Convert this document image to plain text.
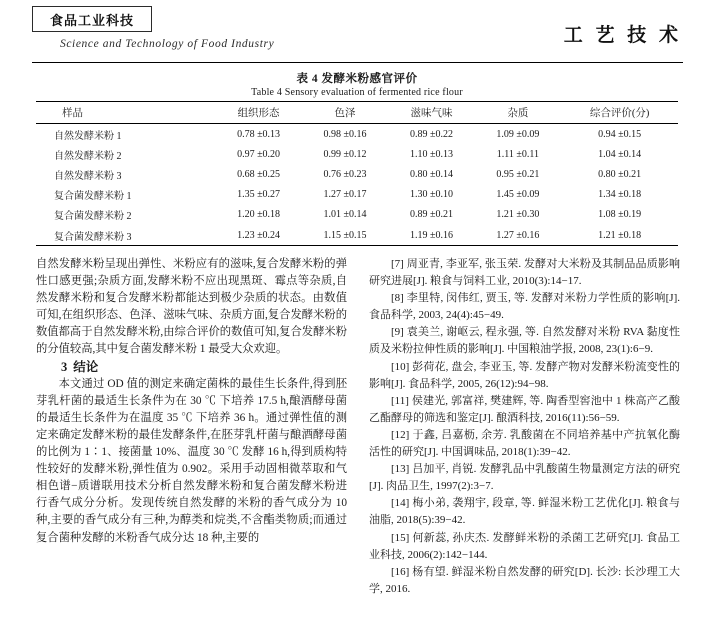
食品工业科技
Science and Technology of Food Industry	工 艺 技 术
表 4 发酵米粉感官评价
Table 4 Sensory evaluation of fermented rice flour
样品	组织形态	色泽	滋味气味	杂质	综合评价(分)
自然发酵米粉 1	0.78 ±0.13	0.98 ±0.16	0.89 ±0.22	1.09 ±0.09	0.94 ±0.15
自然发酵米粉 2	0.97 ±0.20	0.99 ±0.12	1.10 ±0.13	1.11 ±0.11	1.04 ±0.14
自然发酵米粉 3	0.68 ±0.25	0.76 ±0.23	0.80 ±0.14	0.95 ±0.21	0.80 ±0.21
复合菌发酵米粉 1	1.35 ±0.27	1.27 ±0.17	1.30 ±0.10	1.45 ±0.09	1.34 ±0.18
复合菌发酵米粉 2	1.20 ±0.18	1.01 ±0.14	0.89 ±0.21	1.21 ±0.30	1.08 ±0.19
复合菌发酵米粉 3	1.23 ±0.24	1.15 ±0.15	1.19 ±0.16	1.27 ±0.16	1.21 ±0.18

自然发酵米粉呈现出弹性、米粉应有的滋味,复合发酵米粉的弹性口感更强;杂质方面,发酵米粉不应出现黑斑、霉点等杂质,自然发酵米粉和复合发酵米粉都能达到极少杂质的状态。由数值可知,在组织形态、色泽、滋味气味、杂质方面,复合发酵米粉的数值都高于自然发酵米粉,由综合评价的数值可知,复合发酵米粉的分值较高,其中复合菌发酵米粉 1 最受大众欢迎。

3 结论

本文通过 OD 值的测定来确定菌株的最佳生长条件,得到胚芽乳杆菌的最适生长条件为在 30 ℃ 下培养 17.5 h,酿酒酵母菌的最适生长条件为在温度 35 ℃ 下培养 36 h。通过弹性值的测定来确定发酵米粉的最佳发酵条件,在胚芽乳杆菌与酿酒酵母菌的比例为 1∶1、接菌量 10%、温度 30 ℃ 发酵 16 h,得到质构特性较好的发酵米粉,弹性值为 0.902。采用手动固相微萃取和气相色谱−质谱联用技术分析自然发酵米粉和复合菌发酵米粉进行香气成分分析。发现传统自然发酵的米粉的香气成分为 10 种,主要的香气成分有三种,为醇类和烷类,不含酯类物质;而通过复合菌种发酵的米粉香气成分达 18 种,主要的

[7] 周亚青, 李亚军, 张玉荣. 发酵对大米粉及其制品品质影响研究进展[J]. 粮食与饲料工业, 2010(3):14−17.

[8] 李里特, 闵伟红, 贾玉, 等. 发酵对米粉力学性质的影响[J]. 食品科学, 2003, 24(4):45−49.

[9] 袁美兰, 谢岖云, 程永强, 等. 自然发酵对米粉 RVA 黏度性质及米粉拉伸性质的影响[J]. 中国粮油学报, 2008, 23(1):6−9.

[10] 彭荷花, 盘会, 李亚玉, 等. 发酵产物对发酵米粉流变性的影响[J]. 食品科学, 2005, 26(12):94−98.

[11] 侯建光, 郭富祥, 樊建辉, 等. 陶香型窖池中 1 株高产乙酸乙酯酵母的筛选和鉴定[J]. 酿酒科技, 2016(11):56−59.

[12] 于鑫, 吕嘉枥, 余芳. 乳酸菌在不同培养基中产抗氧化酶活性的研究[J]. 中国调味品, 2018(1):39−42.

[13] 吕加平, 肖锐. 发酵乳品中乳酸菌生物量测定方法的研究[J]. 肉品卫生, 1997(2):3−7.

[14] 梅小弟, 袭翔宇, 段章, 等. 鲜湿米粉工艺优化[J]. 粮食与油脂, 2018(5):39−42.

[15] 何新蕊, 孙庆杰. 发酵鲜米粉的杀菌工艺研究[J]. 食品工业科技, 2006(2):142−144.

[16] 杨有望. 鲜湿米粉自然发酵的研究[D]. 长沙: 长沙理工大学, 2016.
